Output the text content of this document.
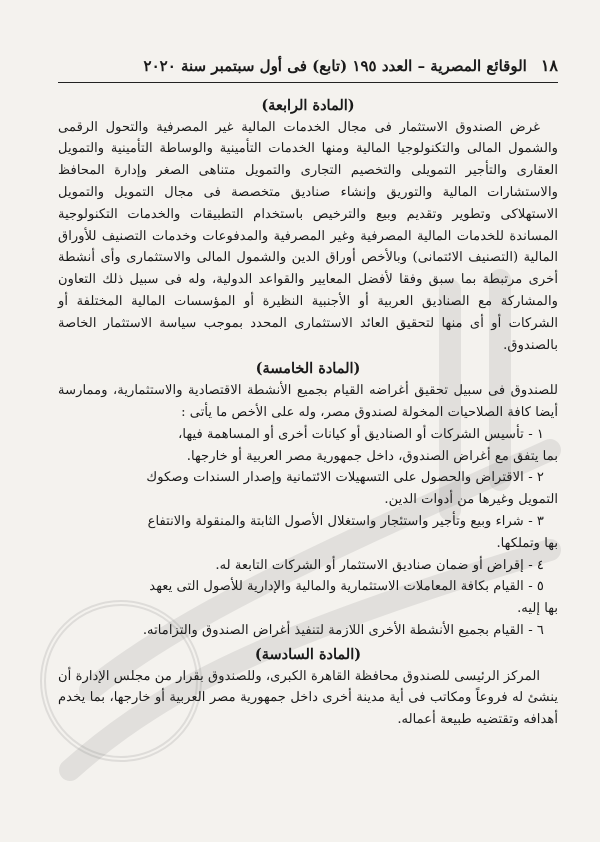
١٨
الوقائع المصرية – العدد ١٩٥ (تابع) فى أول سبتمبر سنة ٢٠٢٠
(المادة الرابعة)

غرض الصندوق الاستثمار فى مجال الخدمات المالية غير المصرفية والتحول الرقمى والشمول المالى والتكنولوجيا المالية ومنها الخدمات التأمينية والوساطة التأمينية والتمويل العقارى والتأجير التمويلى والتخصيم التجارى والتمويل متناهى الصغر وإدارة المحافظ والاستشارات المالية والتوريق وإنشاء صناديق متخصصة فى مجال التمويل والتمويل الاستهلاكى وتطوير وتقديم وبيع والترخيص باستخدام التطبيقات والخدمات التكنولوجية المساندة للخدمات المالية المصرفية وغير المصرفية والمدفوعات وخدمات التصنيف للأوراق المالية (التصنيف الائتمانى) وبالأخص أوراق الدين والشمول المالى والاستثمارى وأى أنشطة أخرى مرتبطة بما سبق وفقا لأفضل المعايير والقواعد الدولية، وله فى سبيل ذلك التعاون والمشاركة مع الصناديق العربية أو الأجنبية النظيرة أو المؤسسات المالية المختلفة أو الشركات أو أى منها لتحقيق العائد الاستثمارى المحدد بموجب سياسة الاستثمار الخاصة بالصندوق.

(المادة الخامسة)

للصندوق فى سبيل تحقيق أغراضه القيام بجميع الأنشطة الاقتصادية والاستثمارية، وممارسة أيضا كافة الصلاحيات المخولة لصندوق مصر، وله على الأخص ما يأتى :

١ - تأسيس الشركات أو الصناديق أو كيانات أخرى أو المساهمة فيها،

بما يتفق مع أغراض الصندوق، داخل جمهورية مصر العربية أو خارجها.

٢ - الاقتراض والحصول على التسهيلات الائتمانية وإصدار السندات وصكوك

التمويل وغيرها من أدوات الدين.

٣ - شراء وبيع وتأجير واستئجار واستغلال الأصول الثابتة والمنقولة والانتفاع

بها وتملكها.

٤ - إقراض أو ضمان صناديق الاستثمار أو الشركات التابعة له.

٥ - القيام بكافة المعاملات الاستثمارية والمالية والإدارية للأصول التى يعهد

بها إليه.

٦ - القيام بجميع الأنشطة الأخرى اللازمة لتنفيذ أغراض الصندوق والتزاماته.

(المادة السادسة)

المركز الرئيسى للصندوق محافظة القاهرة الكبرى، وللصندوق بقرار من مجلس الإدارة أن ينشئ له فروعاً ومكاتب فى أية مدينة أخرى داخل جمهورية مصر العربية أو خارجها، بما يخدم أهدافه وتقتضيه طبيعة أعماله.
